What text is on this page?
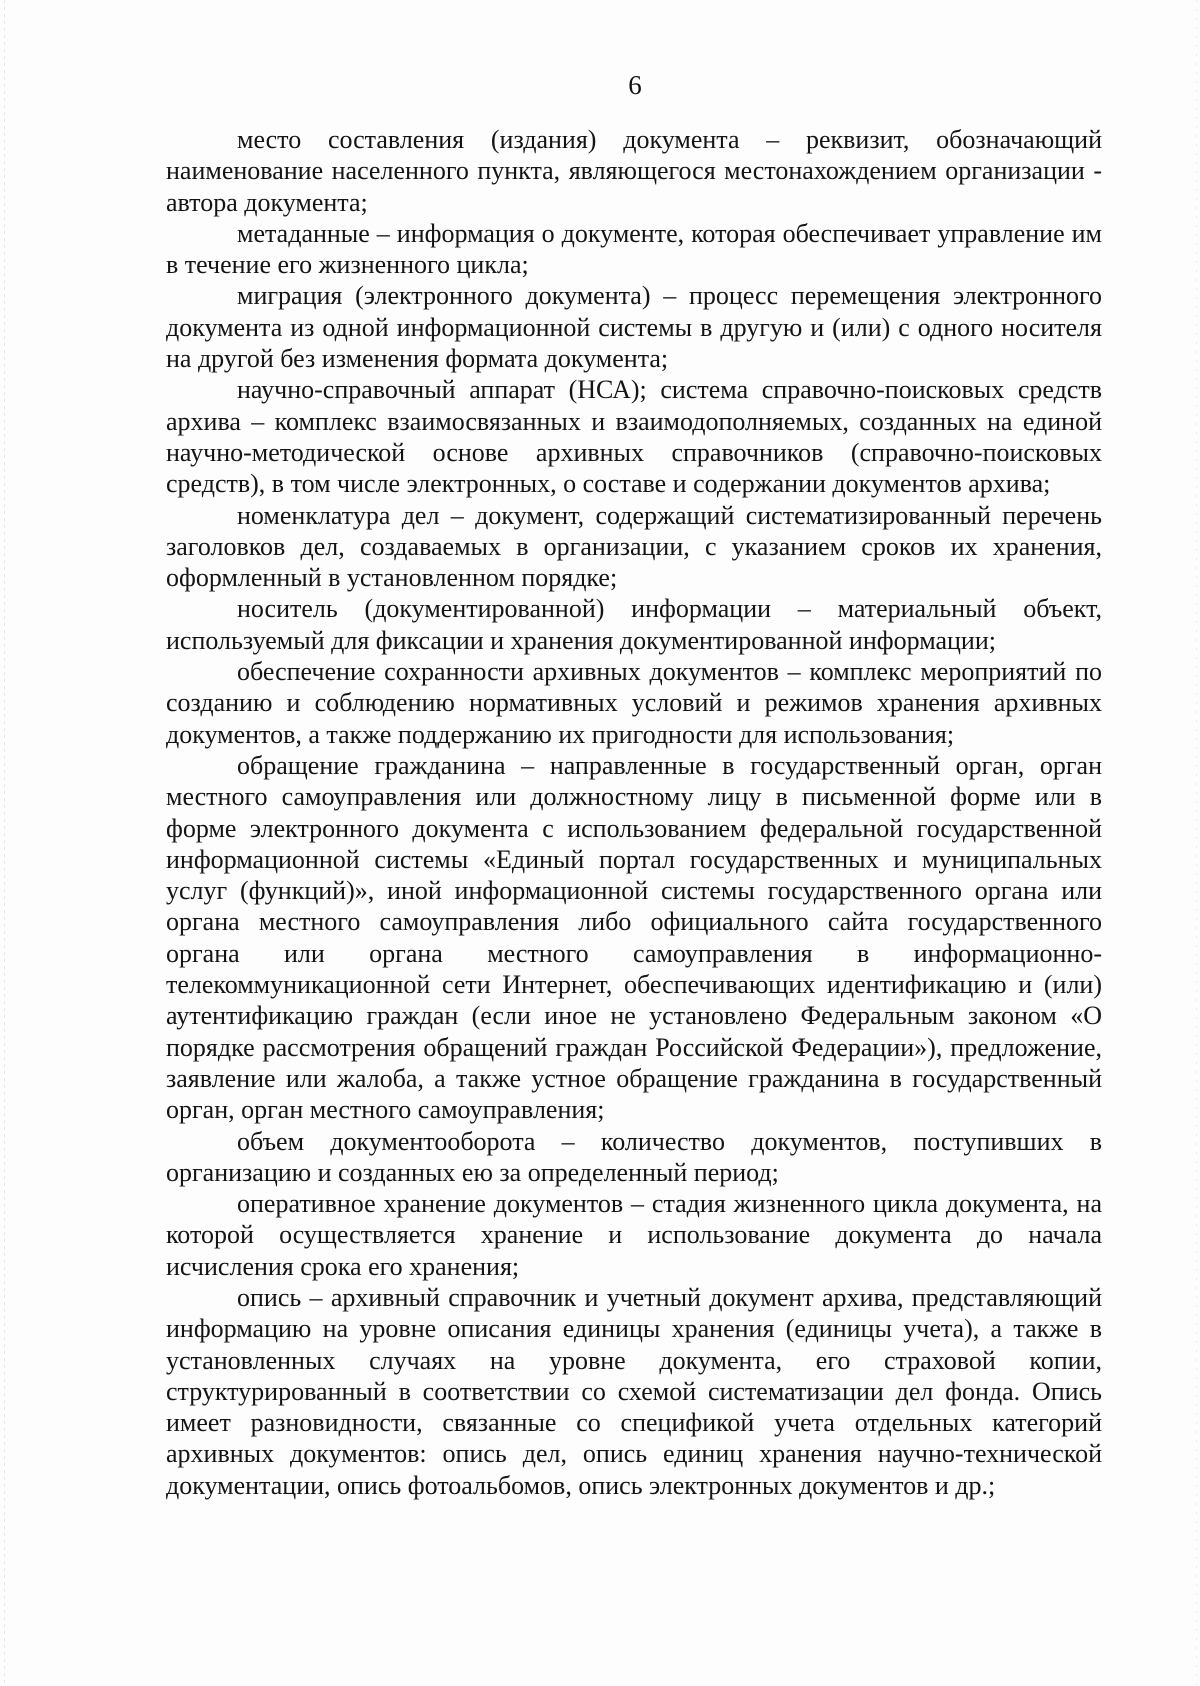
6

место составления (издания) документа – реквизит, обозначающий наименование населенного пункта, являющегося местонахождением организации - автора документа;

метаданные – информация о документе, которая обеспечивает управление им в течение его жизненного цикла;

миграция (электронного документа) – процесс перемещения электронного документа из одной информационной системы в другую и (или) с одного носителя на другой без изменения формата документа;

научно-справочный аппарат (НСА); система справочно-поисковых средств архива – комплекс взаимосвязанных и взаимодополняемых, созданных на единой научно-методической основе архивных справочников (справочно-поисковых средств), в том числе электронных, о составе и содержании документов архива;

номенклатура дел – документ, содержащий систематизированный перечень заголовков дел, создаваемых в организации, с указанием сроков их хранения, оформленный в установленном порядке;

носитель (документированной) информации – материальный объект, используемый для фиксации и хранения документированной информации;

обеспечение сохранности архивных документов – комплекс мероприятий по созданию и соблюдению нормативных условий и режимов хранения архивных документов, а также поддержанию их пригодности для использования;

обращение гражданина – направленные в государственный орган, орган местного самоуправления или должностному лицу в письменной форме или в форме электронного документа с использованием федеральной государственной информационной системы «Единый портал государственных и муниципальных услуг (функций)», иной информационной системы государственного органа или органа местного самоуправления либо официального сайта государственного органа или органа местного самоуправления в информационно-телекоммуникационной сети Интернет, обеспечивающих идентификацию и (или) аутентификацию граждан (если иное не установлено Федеральным законом «О порядке рассмотрения обращений граждан Российской Федерации»), предложение, заявление или жалоба, а также устное обращение гражданина в государственный орган, орган местного самоуправления;

объем документооборота – количество документов, поступивших в организацию и созданных ею за определенный период;

оперативное хранение документов – стадия жизненного цикла документа, на которой осуществляется хранение и использование документа до начала исчисления срока его хранения;

опись – архивный справочник и учетный документ архива, представляющий информацию на уровне описания единицы хранения (единицы учета), а также в установленных случаях на уровне документа, его страховой копии, структурированный в соответствии со схемой систематизации дел фонда. Опись имеет разновидности, связанные со спецификой учета отдельных категорий архивных документов: опись дел, опись единиц хранения научно-технической документации, опись фотоальбомов, опись электронных документов и др.;
